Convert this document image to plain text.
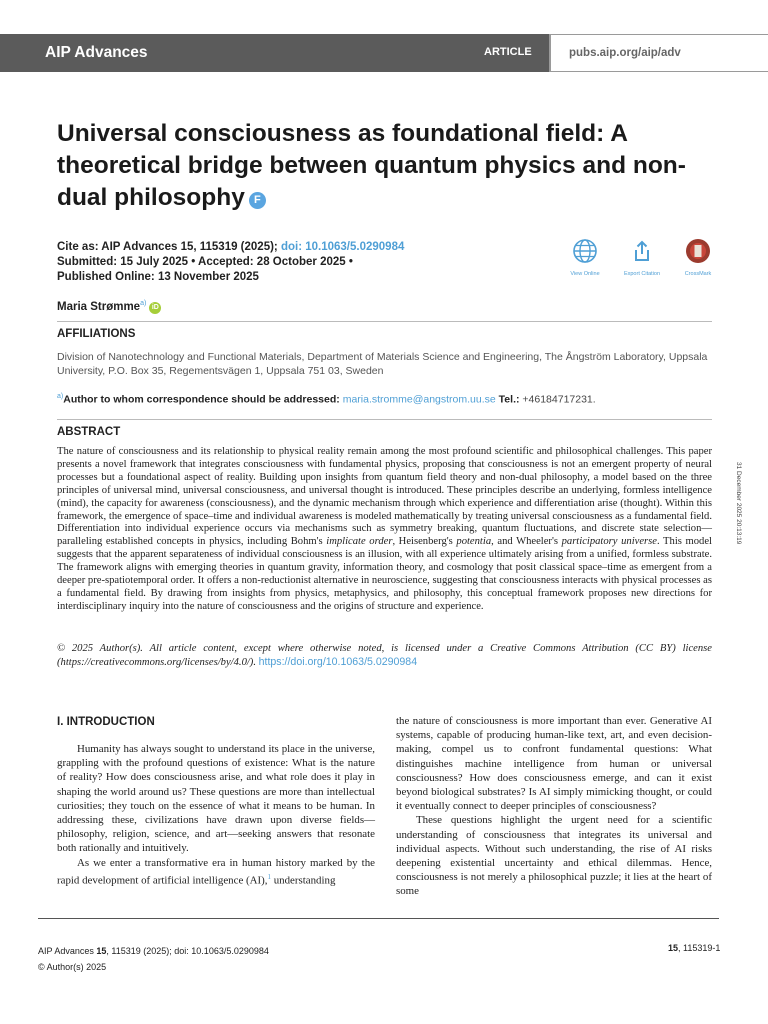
AIP Advances	ARTICLE	pubs.aip.org/aip/adv
Universal consciousness as foundational field: A theoretical bridge between quantum physics and non-dual philosophy F
Cite as: AIP Advances 15, 115319 (2025); doi: 10.1063/5.0290984
Submitted: 15 July 2025 • Accepted: 28 October 2025 •
Published Online: 13 November 2025	View Online	Export Citation	CrossMark
Maria Strømme$^{a)}$iD
AFFILIATIONS
Division of Nanotechnology and Functional Materials, Department of Materials Science and Engineering, The Ångström Laboratory, Uppsala University, P.O. Box 35, Regementsvägen 1, Uppsala 751 03, Sweden
$^{a)}$Author to whom correspondence should be addressed: maria.stromme@angstrom.uu.se Tel.: +46184717231.
ABSTRACT
The nature of consciousness and its relationship to physical reality remain among the most profound scientific and philosophical challenges. This paper presents a novel framework that integrates consciousness with fundamental physics, proposing that consciousness is not an emergent property of neural processes but a foundational aspect of reality. Building upon insights from quantum field theory and non-dual philosophy, a model based on the three principles of universal mind, universal consciousness, and universal thought is introduced. These principles describe an underlying, formless intelligence (mind), the capacity for awareness (consciousness), and the dynamic mechanism through which experience and differentiation arise (thought). Within this framework, the emergence of space–time and individual awareness is modeled mathematically by treating universal consciousness as a fundamental field. Differentiation into individual experience occurs via mechanisms such as symmetry breaking, quantum fluctuations, and discrete state selection—paralleling established concepts in physics, including Bohm's implicate order, Heisenberg's potentia, and Wheeler's participatory universe. This model suggests that the apparent separateness of individual consciousness is an illusion, with all experience ultimately arising from a unified, formless substrate. The framework aligns with emerging theories in quantum gravity, information theory, and cosmology that posit classical space–time as emergent from a deeper pre-spatiotemporal order. It offers a non-reductionist alternative in neuroscience, suggesting that consciousness interacts with physical processes as a fundamental field. By drawing from insights from physics, metaphysics, and philosophy, this conceptual framework proposes new directions for interdisciplinary inquiry into the nature of consciousness and the origins of structure and experience.
© 2025 Author(s). All article content, except where otherwise noted, is licensed under a Creative Commons Attribution (CC BY) license (https://creativecommons.org/licenses/by/4.0/). https://doi.org/10.1063/5.0290984
I. INTRODUCTION

Humanity has always sought to understand its place in the universe, grappling with the profound questions of existence: What is the nature of reality? How does consciousness arise, and what role does it play in shaping the world around us? These questions are more than intellectual curiosities; they touch on the essence of what it means to be human. In addressing these, civilizations have drawn upon diverse fields—philosophy, religion, science, and art—seeking answers that resonate both rationally and intuitively.

As we enter a transformative era in human history marked by the rapid development of artificial intelligence (AI),$^1$ understanding

the nature of consciousness is more important than ever. Generative AI systems, capable of producing human-like text, art, and even decision-making, compel us to confront fundamental questions: What distinguishes machine intelligence from human or universal consciousness? How does consciousness emerge, and can it exist beyond biological substrates? Is AI simply mimicking thought, or could it eventually connect to deeper principles of consciousness?

These questions highlight the urgent need for a scientific understanding of consciousness that integrates its universal and individual aspects. Without such understanding, the rise of AI risks deepening existential uncertainty and ethical dilemmas. Hence, consciousness is not merely a philosophical puzzle; it lies at the heart of some

AIP Advances 15, 115319 (2025); doi: 10.1063/5.0290984
© Author(s) 2025
15, 115319-1
31 December 2025 20:13:19
